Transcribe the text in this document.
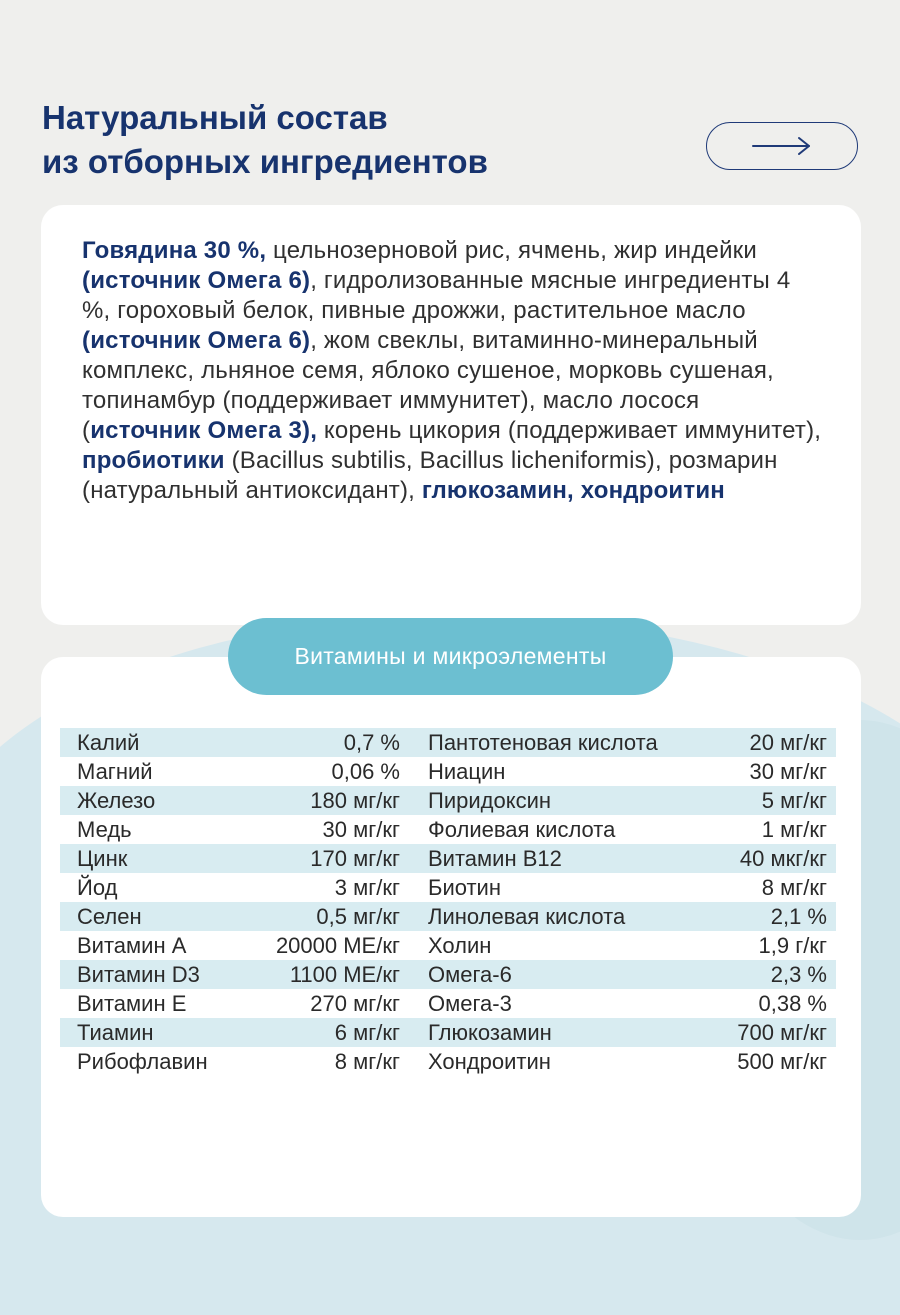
Натуральный состав
из отборных ингредиентов

Говядина 30 %, цельнозерновой рис, ячмень, жир индейки (источник Омега 6), гидролизованные мясные ингредиенты 4 %, гороховый белок, пивные дрожжи, растительное масло (источник Омега 6), жом свеклы, витаминно-минеральный комплекс, льняное семя, яблоко сушеное, морковь сушеная, топинамбур (поддерживает иммунитет), масло лосося (источник Омега 3), корень цикория (поддерживает иммунитет), пробиотики (Bacillus subtilis, Bacillus licheniformis), розмарин (натуральный антиоксидант), глюкозамин, хондроитин

Витамины и микроэлементы
Калий	0,7 % Пантотеновая кислота	20 мг/кг
Магний	0,06 % Ниацин	30 мг/кг
Железо	180 мг/кг Пиридоксин	5 мг/кг
Медь	30 мг/кг Фолиевая кислота	1 мг/кг
Цинк	170 мг/кг Витамин B12	40 мкг/кг
Йод	3 мг/кг Биотин	8 мг/кг
Селен	0,5 мг/кг Линолевая кислота	2,1 %
Витамин А	20000 МЕ/кг Холин	1,9 г/кг
Витамин D3	1100 МЕ/кг Омега-6	2,3 %
Витамин Е	270 мг/кг Омега-3	0,38 %
Тиамин	6 мг/кг Глюкозамин	700 мг/кг
Рибофлавин	8 мг/кг Хондроитин	500 мг/кг
